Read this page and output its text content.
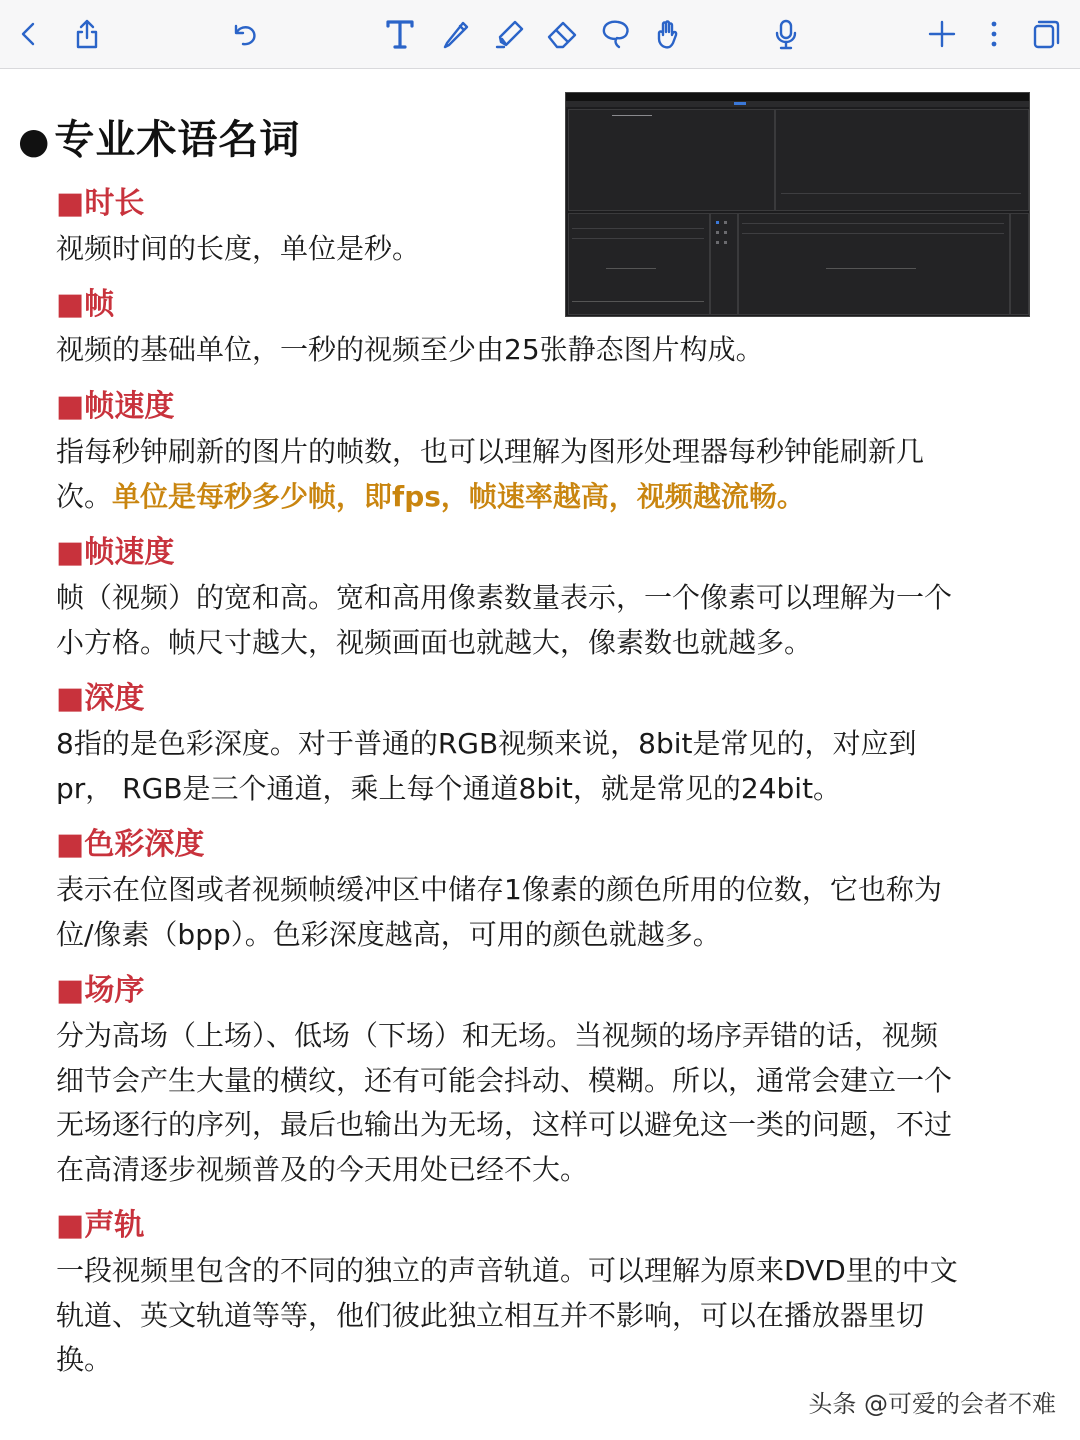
● 专业术语名词
■时长

视频时间的长度，单位是秒。

■帧

视频的基础单位，一秒的视频至少由25张静态图片构成。

■帧速度

指每秒钟刷新的图片的帧数，也可以理解为图形处理器每秒钟能刷新几
次。单位是每秒多少帧，即fps，帧速率越高，视频越流畅。

■帧速度

帧（视频）的宽和高。宽和高用像素数量表示，一个像素可以理解为一个
小方格。帧尺寸越大，视频画面也就越大，像素数也就越多。

■深度

8指的是色彩深度。对于普通的RGB视频来说，8bit是常见的，对应到
pr， RGB是三个通道，乘上每个通道8bit，就是常见的24bit。

■色彩深度

表示在位图或者视频帧缓冲区中储存1像素的颜色所用的位数，它也称为
位/像素（bpp）。色彩深度越高，可用的颜色就越多。

■场序

分为高场（上场）、低场（下场）和无场。当视频的场序弄错的话，视频
细节会产生大量的横纹，还有可能会抖动、模糊。所以，通常会建立一个
无场逐行的序列，最后也输出为无场，这样可以避免这一类的问题，不过
在高清逐步视频普及的今天用处已经不大。

■声轨

一段视频里包含的不同的独立的声音轨道。可以理解为原来DVD里的中文
轨道、英文轨道等等，他们彼此独立相互并不影响，可以在播放器里切
换。

头条 @可爱的会者不难
